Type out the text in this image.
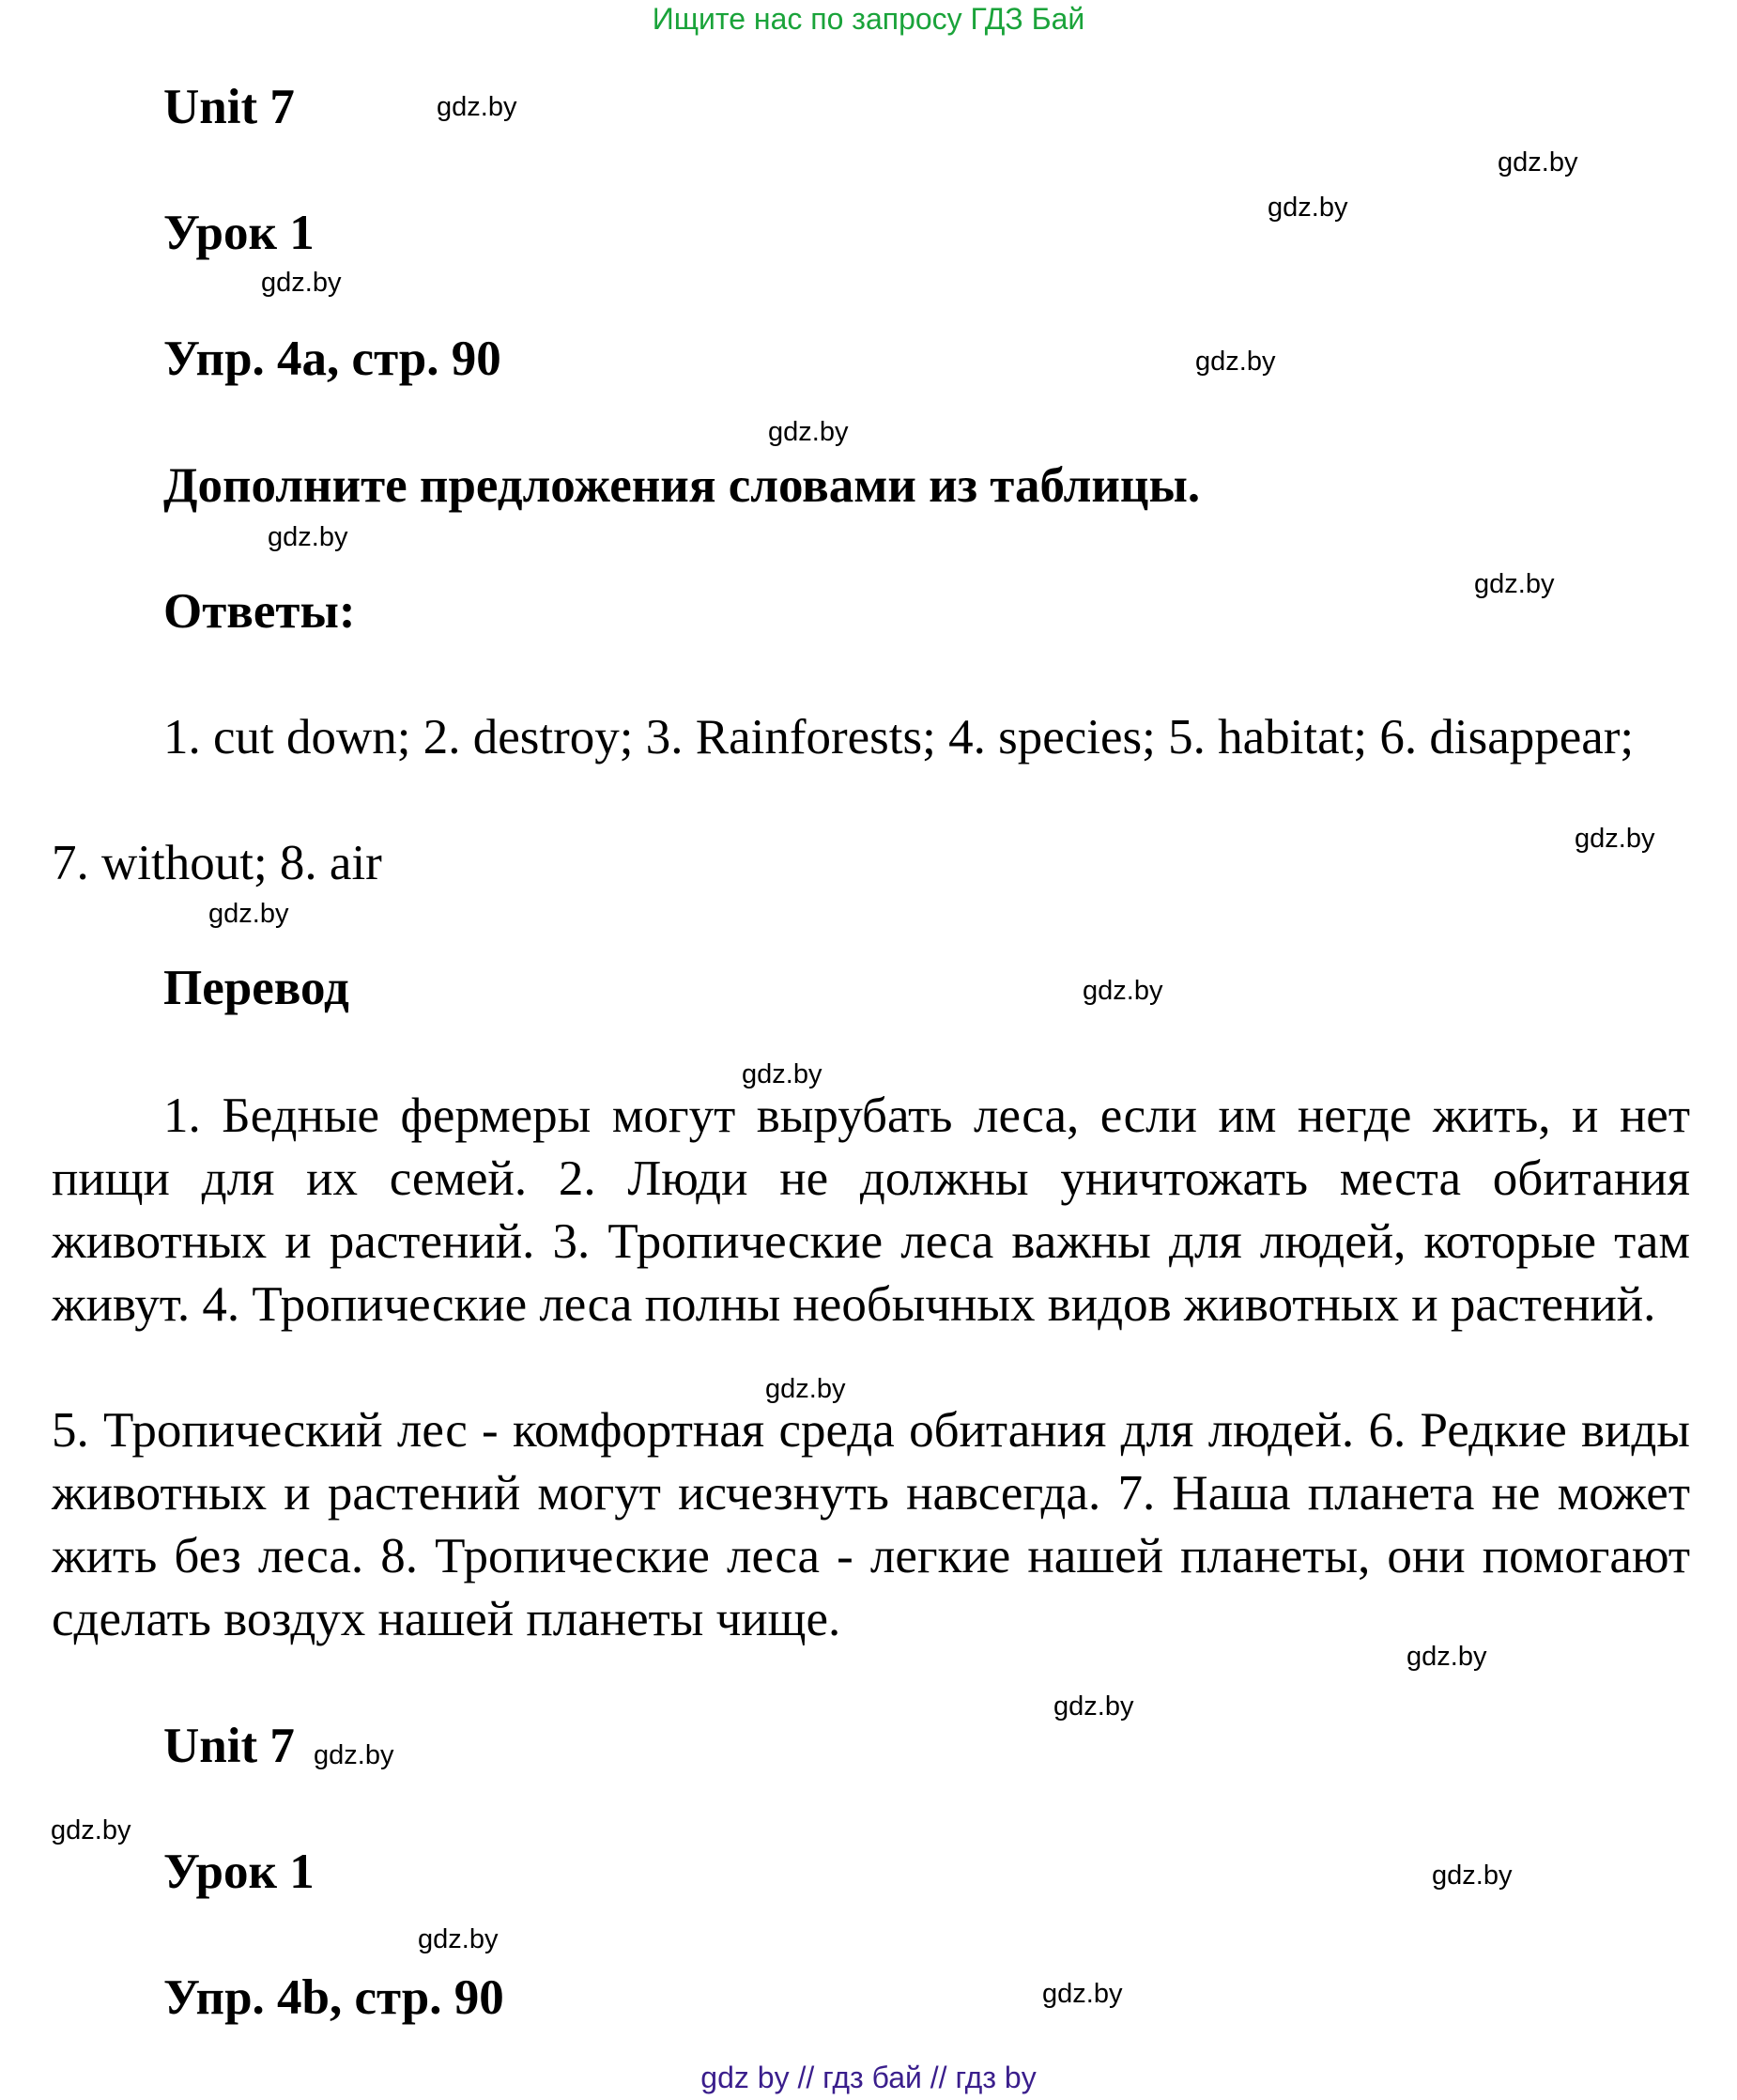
Ищите нас по запросу ГДЗ Бай
Unit 7
Урок 1
Упр. 4a, стр. 90
Дополните предложения словами из таблицы.
Ответы:
1. cut down; 2. destroy; 3. Rainforests; 4. species; 5. habitat; 6. disappear;
7. without; 8. air
Перевод
1. Бедные фермеры могут вырубать леса, если им негде жить, и нет пищи для их семей. 2. Люди не должны уничтожать места обитания животных и растений. 3. Тропические леса важны для людей, которые там живут. 4. Тропические леса полны необычных видов животных и растений.
5. Тропический лес - комфортная среда обитания для людей. 6. Редкие виды животных и растений могут исчезнуть навсегда. 7. Наша планета не может жить без леса. 8. Тропические леса - легкие нашей планеты, они помогают сделать воздух нашей планеты чище.
Unit 7
Урок 1
Упр. 4b, стр. 90
gdz.by
gdz.by
gdz.by
gdz.by
gdz.by
gdz.by
gdz.by
gdz.by
gdz.by
gdz.by
gdz.by
gdz.by
gdz.by
gdz.by
gdz.by
gdz.by
gdz.by
gdz.by
gdz.by
gdz.by
gdz by // гдз бай // гдз by
